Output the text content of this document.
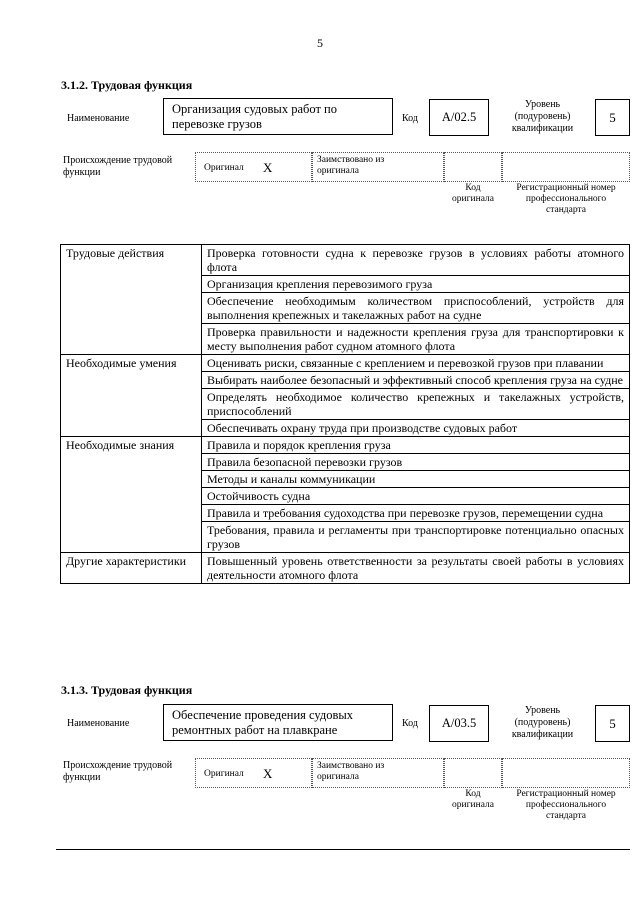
5
3.1.2. Трудовая функция
Наименование
Организация судовых работ по перевозке грузов	Код	А/02.5
Уровень (подуровень) квалификации
5
Происхождение трудовой функции	Оригинал X	Заимствовано из оригинала
Код оригинала
Регистрационный номер профессионального стандарта
Трудовые действия	Проверка готовности судна к перевозке грузов в условиях работы атомного флота
	Организация крепления перевозимого груза
	Обеспечение необходимым количеством приспособлений, устройств для выполнения крепежных и такелажных работ на судне
	Проверка правильности и надежности крепления груза для транспортировки к месту выполнения работ судном атомного флота
Необходимые умения	Оценивать риски, связанные с креплением и перевозкой грузов при плавании
	Выбирать наиболее безопасный и эффективный способ крепления груза на судне
	Определять необходимое количество крепежных и такелажных устройств, приспособлений
	Обеспечивать охрану труда при производстве судовых работ
Необходимые знания	Правила и порядок крепления груза
	Правила безопасной перевозки грузов
	Методы и каналы коммуникации
	Остойчивость судна
	Правила и требования судоходства при перевозке грузов, перемещении судна
	Требования, правила и регламенты при транспортировке потенциально опасных грузов
Другие характеристики	Повышенный уровень ответственности за результаты своей работы в условиях деятельности атомного флота
3.1.3. Трудовая функция
Наименование
Обеспечение проведения судовых ремонтных работ на плавкране	Код	А/03.5
Уровень (подуровень) квалификации
5
Происхождение трудовой функции	Оригинал X	Заимствовано из оригинала
Код оригинала
Регистрационный номер профессионального стандарта
